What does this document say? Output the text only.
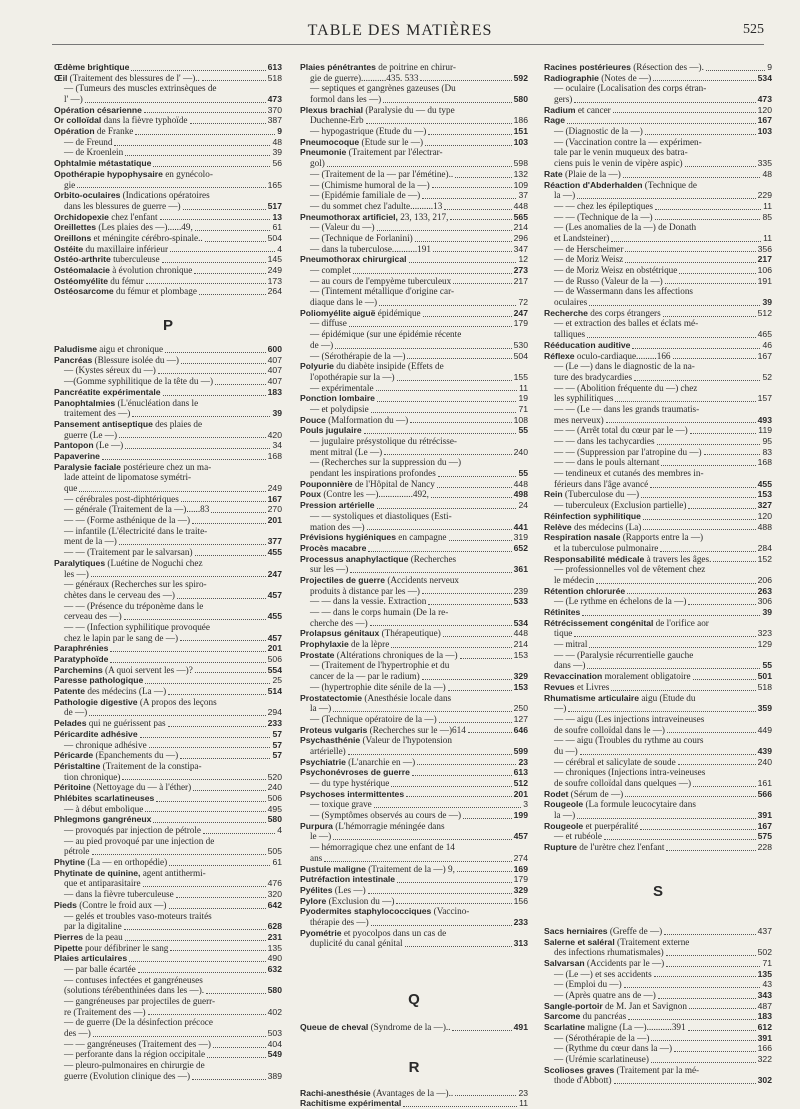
TABLE DES MATIÈRES	525
Œdème brightique	613
Œil (Traitement des blessures de l' —)..	518
— (Tumeurs des muscles extrinsèques de
l' —)	473
Opération césarienne	370
Or colloïdal dans la fièvre typhoïde	387
Opération de Franke	9
— de Freund	48
— de Kroenlein	39
Ophtalmie métastatique	56
Opothérapie hypophysaire en gynécolo-
gie	165
Orbito-oculaires (Indications opératoires
dans les blessures de guerre —)	517
Orchidopexie chez l'enfant	13
Oreillettes (Les plaies des —)......49,	61
Oreillons et méningite cérébro-spinale..	504
Ostéite du maxillaire inférieur	4
Ostéo-arthrite tuberculeuse	145
Ostéomalacie à évolution chronique	249
Ostéomyélite du fémur	173
Ostéosarcome du fémur et plombage	264
P
Paludisme aigu et chronique	600
Pancréas (Blessure isolée du —)	407
— (Kystes séreux du —)	407
—(Gomme syphilitique de la tête du —)	407
Pancréatite expérimentale	183
Panophtalmies (L'énucléation dans le
traitement des —)	39
Pansement antiseptique des plaies de
guerre (Le —)	420
Pantopon (Le —)	34
Papaverine	168
Paralysie faciale postérieure chez un ma-
lade atteint de lipomatose symétri-
que	249
— cérébrales post-diphtériques	167
— générale (Traitement de la —)......83	270
— — (Forme asthénique de la —)	201
— infantile (L'électricité dans le traite-
ment de la —)	377
— — (Traitement par le salvarsan)	455
Paralytiques (Luétine de Noguchi chez
les —)	247
— généraux (Recherches sur les spiro-
chètes dans le cerveau des —)	457
— — (Présence du tréponème dans le
cerveau des —)	455
— — (Infection syphilitique provoquée
chez le lapin par le sang de —)	457
Paraphrénies	201
Paratyphoïde	506
Parchemins (A quoi servent les —)?	554
Paresse pathologique	25
Patente des médecins (La —)	514
Pathologie digestive (A propos des leçons
de —)	294
Pelades qui ne guérissent pas	233
Péricardite adhésive	57
— chronique adhésive	57
Péricarde (Epanchements du —)	57
Péristaltine (Traitement de la constipa-
tion chronique)	520
Péritoine (Nettoyage du — à l'éther)	240
Phlébites scarlatineuses	506
— à début embolique	495
Phlegmons gangréneux	580
— provoqués par injection de pétrole	4
— au pied provoqué par une injection de
pétrole	505
Phytine (La — en orthopédie)	61
Phytinate de quinine, agent antithermi-
que et antiparasitaire	476
— dans la fièvre tuberculeuse	320
Pieds (Contre le froid aux —)	642
— gelés et troubles vaso-moteurs traités
par la digitaline	628
Pierres de la peau	231
Pipette pour défibriner le sang	135
Plaies articulaires	490
— par balle écartée	632
— contuses infectées et gangréneuses
(solutions térébenthinées dans les —).	580
— gangréneuses par projectiles de guerr-
re (Traitement des —)	402
— de guerre (De la désinfection précoce
des —)	503
— — gangréneuses (Traitement des —)	404
— perforante dans la région occipitale	549
— pleuro-pulmonaires en chirurgie de
guerre (Evolution clinique des —)	389
Plaies pénétrantes de poitrine en chirur-
gie de guerre)...........435. 533	592
— septiques et gangrènes gazeuses (Du
formol dans les —)	580
Plexus brachial (Paralysie du — du type
Duchenne-Erb	186
— hypogastrique (Etude du —)	151
Pneumocoque (Etude sur le —)	103
Pneumonie (Traitement par l'électrar-
gol)	598
— (Traitement de la — par l'émétine)..	132
— (Chimisme humoral de la —)	109
— (Epidémie familiale de —)	37
— du sommet chez l'adulte..........13	448
Pneumothorax artificiel, 23, 133, 217,	565
— (Valeur du —)	214
— (Technique de Forlanini)	296
— dans la tuberculose...........191	347
Pneumothorax chirurgical	12
— complet	273
— au cours de l'empyème tuberculeux	217
— (Tintement métallique d'origine car-
diaque dans le —)	72
Poliomyélite aiguë épidémique	247
— diffuse	179
— épidémique (sur une épidémie récente
de —)	530
— (Sérothérapie de la —)	504
Polyurie du diabète insipide (Effets de
l'opothérapie sur la —)	155
— expérimentale	11
Ponction lombaire	19
— et polydipsie	71
Pouce (Malformation du —)	108
Pouls jugulaire	55
— jugulaire présystolique du rétrécisse-
ment mitral (Le —)	240
— (Recherches sur la suppression du —)
pendant les inspirations profondes	55
Pouponnière de l'Hôpital de Nancy	448
Poux (Contre les —)...............492,	498
Pression artérielle	24
— — systoliques et diastoliques (Esti-
mation des —)	441
Prévisions hygiéniques en campagne	319
Procès macabre	652
Processus anaphylactique (Recherches
sur les —)	361
Projectiles de guerre (Accidents nerveux
produits à distance par les —)	239
— — dans la vessie. Extraction	533
— — dans le corps humain (De la re-
cherche des —)	534
Prolapsus génitaux (Thérapeutique)	448
Prophylaxie de la lèpre	214
Prostate (Altérations chroniques de la —)	153
— (Traitement de l'hypertrophie et du
cancer de la — par le radium)	329
— (hypertrophie dite sénile de la —)	153
Prostatectomie (Anesthésie locale dans
la —)	250
— (Technique opératoire de la —)	127
Proteus vulgaris (Recherches sur le —)614	646
Psychasthénie (Valeur de l'hypotension
artérielle)	599
Psychiatrie (L'anarchie en —)	23
Psychonévroses de guerre	613
— du type hystérique	512
Psychoses intermittentes	201
— toxique grave	3
— (Symptômes observés au cours de —)	199
Purpura (L'hémorragie méningée dans
le —)	457
— hémorragique chez une enfant de 14
ans	274
Pustule maligne (Traitement de la —) 9,	169
Putréfaction intestinale	179
Pyélites (Les —)	329
Pylore (Exclusion du —)	156
Pyodermites staphylococciques (Vaccino-
thérapie des —)	233
Pyométrie et pyocolpos dans un cas de
duplicité du canal génital	313
Q
Queue de cheval (Syndrome de la —)..	491
R
Rachi-anesthésie (Avantages de la —)..	23
Rachitisme expérimental	11
Racines postérieures (Résection des —).	9
Radiographie (Notes de —)	534
— oculaire (Localisation des corps étran-
gers)	473
Radium et cancer	120
Rage	167
— (Diagnostic de la —)	103
— (Vaccination contre la — expérimen-
tale par le venin muqueux des batra-
ciens puis le venin de vipère aspic)	335
Rate (Plaie de la —)	48
Réaction d'Abderhalden (Technique de
la —)	229
— — chez les épileptiques	11
— — (Technique de la —)	85
— (Les anomalies de la —) de Donath
et Landsteiner)	11
— de Herscheimer	356
— de Moriz Weisz	217
— de Moriz Weisz en obstétrique	106
— de Russo (Valeur de la —)	191
— de Wassermann dans les affections
oculaires	39
Recherche des corps étrangers	512
— et extraction des balles et éclats mé-
talliques	465
Rééducation auditive	46
Réflexe oculo-cardiaque.........166	167
— (Le —) dans le diagnostic de la na-
ture des bradycardies	52
— — (Abolition fréquente du —) chez
les syphilitiques	157
— — (Le — dans les grands traumatis-
mes nerveux)	493
— — (Arrêt total du cœur par le —)	119
— — dans les tachycardies	95
— — (Suppression par l'atropine du —)	83
— — dans le pouls alternant	168
— tendineux et cutanés des membres in-
férieurs dans l'âge avancé	455
Rein (Tuberculose du —)	153
— tuberculeux (Exclusion partielle)	327
Réinfection syphilitique	120
Relève des médecins (La)	488
Respiration nasale (Rapports entre la —)
et la tuberculose pulmonaire	284
Responsabilité médicale à travers les âges.	152
— professionnelles vol de vêtement chez
le médecin	206
Rétention chlorurée	263
— (Le rythme en échelons de la —)	306
Rétinites	39
Rétrécissement congénital de l'orifice aor
tique	323
— mitral	129
— — (Paralysie récurrentielle gauche
dans —)	55
Revaccination moralement obligatoire	501
Revues et Livres	518
Rhumatisme articulaire aigu (Etude du
—)	359
— — aigu (Les injections intraveineuses
de soufre colloïdal dans le —)	449
— — aigu (Troubles du rythme au cours
du —)	439
— cérébral et salicylate de soude	240
— chroniques (Injections intra-veineuses
de soufre colloïdal dans quelques —)	161
Rodet (Sérum de —)	566
Rougeole (La formule leucocytaire dans
la —)	391
Rougeole et puerpéralité	167
— et rubéole	575
Rupture de l'urètre chez l'enfant	228
S
Sacs herniaires (Greffe de —)	437
Salerne et saléral (Traitement externe
des infections rhumatismales)	502
Salvarsan (Accidents par le —)	71
— (Le —) et ses accidents	135
— (Emploi du —)	43
— (Après quatre ans de —)	343
Sangle-portoir de M. Jan et Savignon	487
Sarcome du pancréas	183
Scarlatine maligne (La —)...........391	612
— (Sérothérapie de la —)	391
— (Rythme du cœur dans la —)	166
— (Urémie scarlatineuse)	322
Scolioses graves (Traitement par la mé-
thode d'Abbott)	302
